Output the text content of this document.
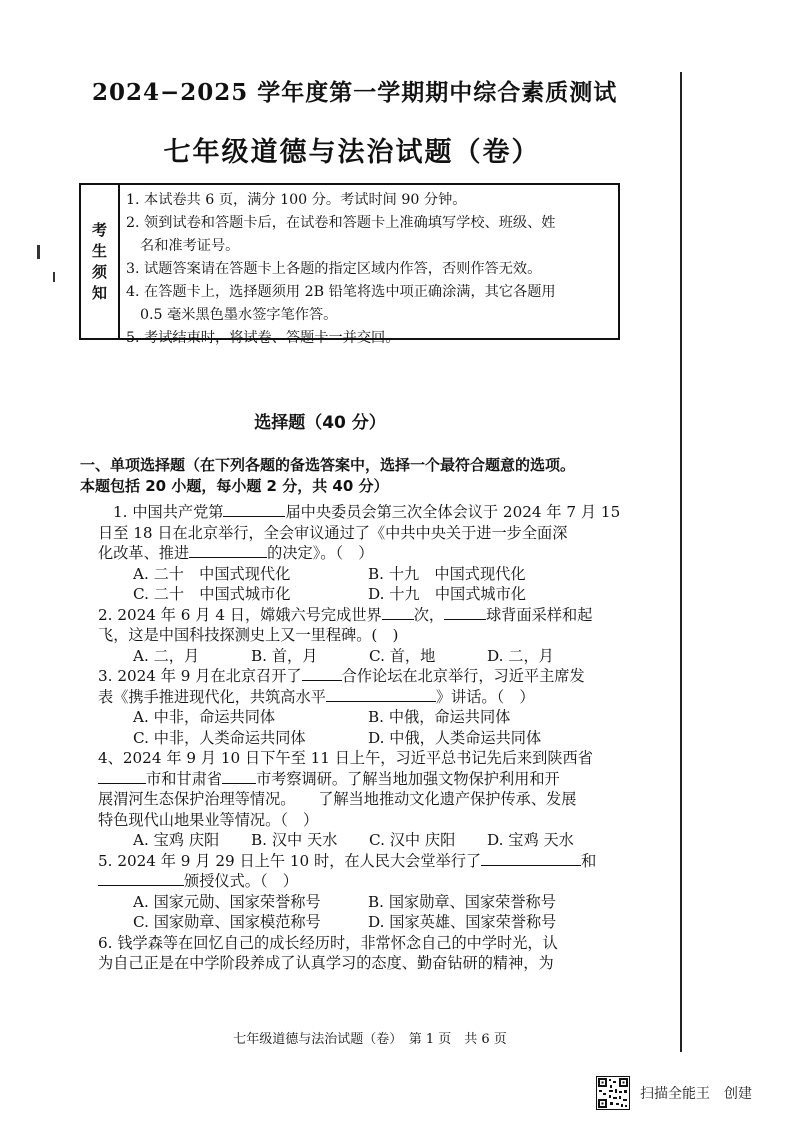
2024−2025 学年度第一学期期中综合素质测试
七年级道德与法治试题（卷）
考
生
须
知
1. 本试卷共 6 页，满分 100 分。考试时间 90 分钟。
2. 领到试卷和答题卡后，在试卷和答题卡上准确填写学校、班级、姓
名和准考证号。
3. 试题答案请在答题卡上各题的指定区域内作答，否则作答无效。
4. 在答题卡上，选择题须用 2B 铅笔将选中项正确涂满，其它各题用
0.5 毫米黑色墨水签字笔作答。
5. 考试结束时，将试卷、答题卡一并交回。
选择题（40 分）
一、单项选择题（在下列各题的备选答案中，选择一个最符合题意的选项。
本题包括 20 小题，每小题 2 分，共 40 分）
1. 中国共产党第	届中央委员会第三次全体会议于 2024 年 7 月 15
日至 18 日在北京举行，全会审议通过了《中共中央关于进一步全面深
化改革、推进	的决定》。（　）
A. 二十　中国式现代化	B. 十九　中国式现代化
C. 二十　中国式城市化	D. 十九　中国式城市化
2. 2024 年 6 月 4 日，嫦娥六号完成世界 次，	球背面采样和起
飞，这是中国科技探测史上又一里程碑。(　)
A. 二，月	B. 首，月	C. 首，地	D. 二，月
3. 2024 年 9 月在北京召开了	合作论坛在北京举行，习近平主席发
表《携手推进现代化，共筑高水平	》讲话。（　）
A. 中非，命运共同体	B. 中俄，命运共同体
C. 中非，人类命运共同体	D. 中俄，人类命运共同体
4、2024 年 9 月 10 日下午至 11 日上午，习近平总书记先后来到陕西省
市和甘肃省 市考察调研。了解当地加强文物保护利用和开
展渭河生态保护治理等情况。　　了解当地推动文化遗产保护传承、发展
特色现代山地果业等情况。（　）
A. 宝鸡 庆阳	B. 汉中 天水	C. 汉中 庆阳	D. 宝鸡 天水
5. 2024 年 9 月 29 日上午 10 时，在人民大会堂举行了	和
颁授仪式。（　）
A. 国家元勋、国家荣誉称号	B. 国家勋章、国家荣誉称号
C. 国家勋章、国家模范称号	D. 国家英雄、国家荣誉称号
6. 钱学森等在回忆自己的成长经历时，非常怀念自己的中学时光，认
为自己正是在中学阶段养成了认真学习的态度、勤奋钻研的精神，为
七年级道德与法治试题（卷）　第 1 页　共 6 页
扫描全能王　创建
